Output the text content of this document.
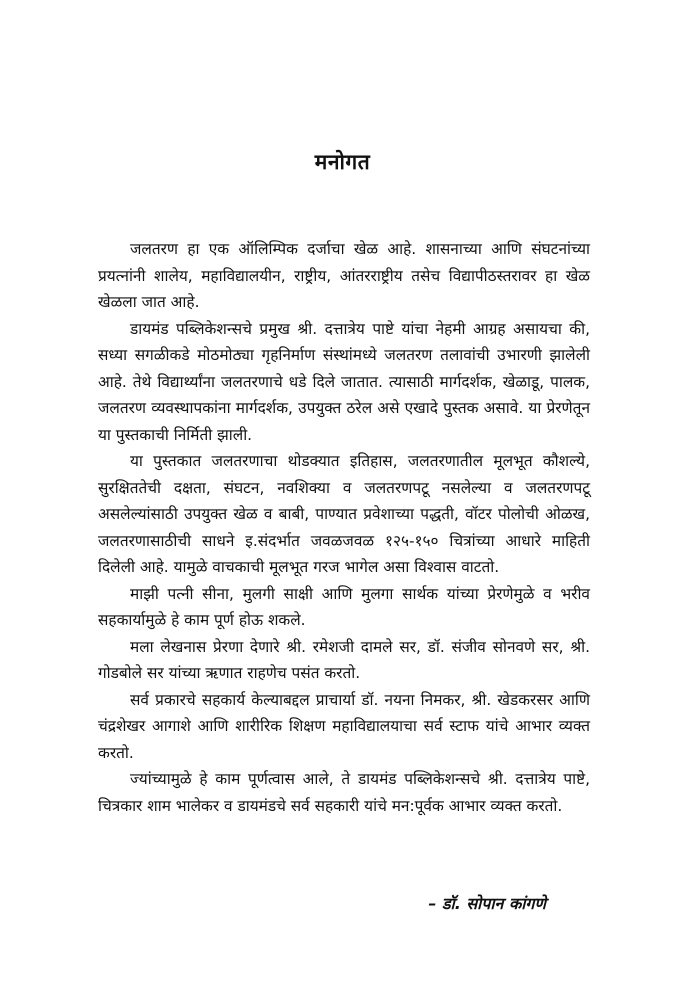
मनोगत

जलतरण हा एक ऑलिम्पिक दर्जाचा खेळ आहे. शासनाच्या आणि संघटनांच्या प्रयत्नांनी शालेय, महाविद्यालयीन, राष्ट्रीय, आंतरराष्ट्रीय तसेच विद्यापीठस्तरावर हा खेळ खेळला जात आहे.

डायमंड पब्लिकेशन्सचे प्रमुख श्री. दत्तात्रेय पाष्टे यांचा नेहमी आग्रह असायचा की, सध्या सगळीकडे मोठमोठ्या गृहनिर्माण संस्थांमध्ये जलतरण तलावांची उभारणी झालेली आहे. तेथे विद्यार्थ्यांना जलतरणाचे धडे दिले जातात. त्यासाठी मार्गदर्शक, खेळाडू, पालक, जलतरण व्यवस्थापकांना मार्गदर्शक, उपयुक्त ठरेल असे एखादे पुस्तक असावे. या प्रेरणेतून या पुस्तकाची निर्मिती झाली.

या पुस्तकात जलतरणाचा थोडक्यात इतिहास, जलतरणातील मूलभूत कौशल्ये, सुरक्षिततेची दक्षता, संघटन, नवशिक्या व जलतरणपटू नसलेल्या व जलतरणपटू असलेल्यांसाठी उपयुक्त खेळ व बाबी, पाण्यात प्रवेशाच्या पद्धती, वॉटर पोलोची ओळख, जलतरणासाठीची साधने इ.संदर्भात जवळजवळ १२५-१५० चित्रांच्या आधारे माहिती दिलेली आहे. यामुळे वाचकाची मूलभूत गरज भागेल असा विश्वास वाटतो.

माझी पत्नी सीना, मुलगी साक्षी आणि मुलगा सार्थक यांच्या प्रेरणेमुळे व भरीव सहकार्यामुळे हे काम पूर्ण होऊ शकले.

मला लेखनास प्रेरणा देणारे श्री. रमेशजी दामले सर, डॉ. संजीव सोनवणे सर, श्री. गोडबोले सर यांच्या ऋणात राहणेच पसंत करतो.

सर्व प्रकारचे सहकार्य केल्याबद्दल प्राचार्या डॉ. नयना निमकर, श्री. खेडकरसर आणि चंद्रशेखर आगाशे आणि शारीरिक शिक्षण महाविद्यालयाचा सर्व स्टाफ यांचे आभार व्यक्त करतो.

ज्यांच्यामुळे हे काम पूर्णत्वास आले, ते डायमंड पब्लिकेशन्सचे श्री. दत्तात्रेय पाष्टे, चित्रकार शाम भालेकर व डायमंडचे सर्व सहकारी यांचे मन:पूर्वक आभार व्यक्त करतो.

– डॉ. सोपान कांगणे
